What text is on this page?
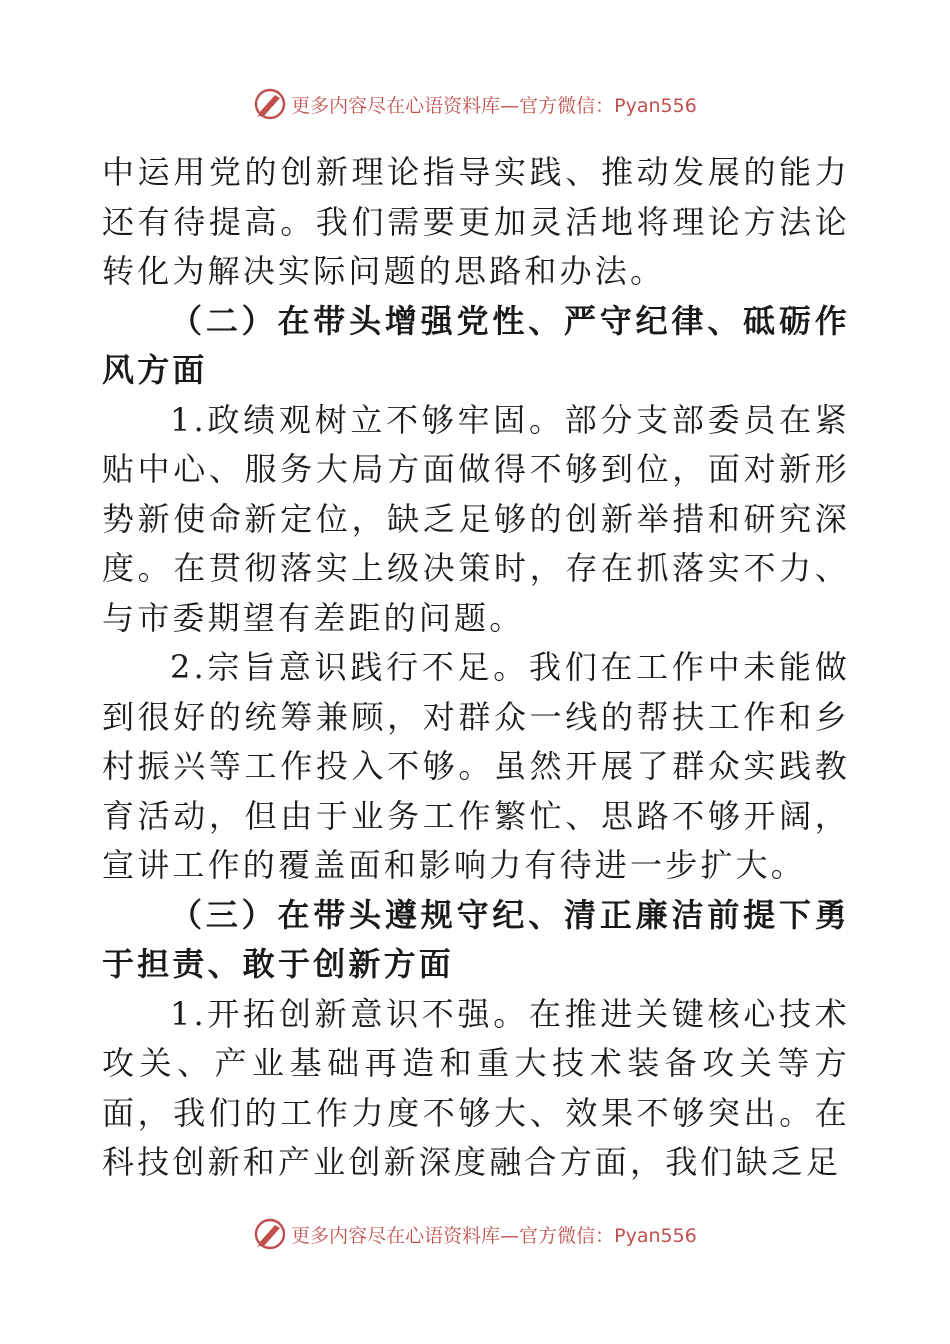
更多内容尽在心语资料库—官方微信：Pyan556

中运用党的创新理论指导实践、推动发展的能力还有待提高。我们需要更加灵活地将理论方法论转化为解决实际问题的思路和办法。

（二）在带头增强党性、严守纪律、砥砺作风方面

1.政绩观树立不够牢固。部分支部委员在紧贴中心、服务大局方面做得不够到位，面对新形势新使命新定位，缺乏足够的创新举措和研究深度。在贯彻落实上级决策时，存在抓落实不力、与市委期望有差距的问题。

2.宗旨意识践行不足。我们在工作中未能做到很好的统筹兼顾，对群众一线的帮扶工作和乡村振兴等工作投入不够。虽然开展了群众实践教育活动，但由于业务工作繁忙、思路不够开阔，宣讲工作的覆盖面和影响力有待进一步扩大。

（三）在带头遵规守纪、清正廉洁前提下勇于担责、敢于创新方面

1.开拓创新意识不强。在推进关键核心技术攻关、产业基础再造和重大技术装备攻关等方面，我们的工作力度不够大、效果不够突出。在科技创新和产业创新深度融合方面，我们缺乏足

更多内容尽在心语资料库—官方微信：Pyan556
